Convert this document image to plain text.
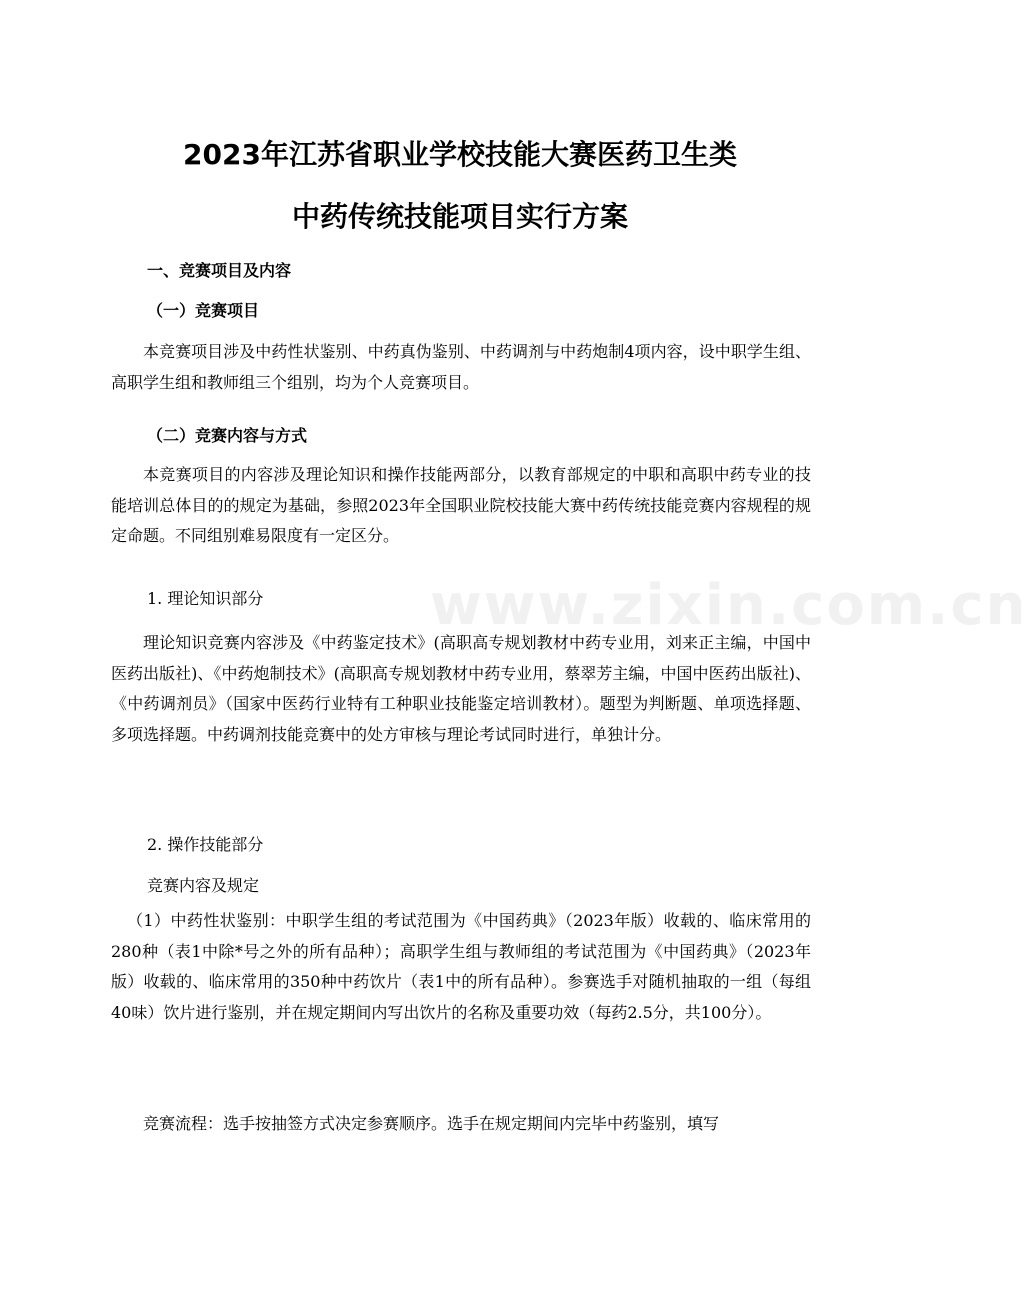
www.zixin.com.cn
2023年江苏省职业学校技能大赛医药卫生类
中药传统技能项目实行方案
一、竞赛项目及内容
（一）竞赛项目
本竞赛项目涉及中药性状鉴别、中药真伪鉴别、中药调剂与中药炮制4项内容，设中职学生组、高职学生组和教师组三个组别，均为个人竞赛项目。
（二）竞赛内容与方式
本竞赛项目的内容涉及理论知识和操作技能两部分，以教育部规定的中职和高职中药专业的技能培训总体目的的规定为基础，参照2023年全国职业院校技能大赛中药传统技能竞赛内容规程的规定命题。不同组别难易限度有一定区分。
1. 理论知识部分
理论知识竞赛内容涉及《中药鉴定技术》(高职高专规划教材中药专业用，刘来正主编，中国中医药出版社)、《中药炮制技术》(高职高专规划教材中药专业用，蔡翠芳主编，中国中医药出版社)、《中药调剂员》（国家中医药行业特有工种职业技能鉴定培训教材）。题型为判断题、单项选择题、多项选择题。中药调剂技能竞赛中的处方审核与理论考试同时进行，单独计分。
2. 操作技能部分
竞赛内容及规定
（1）中药性状鉴别：中职学生组的考试范围为《中国药典》（2023年版）收载的、临床常用的280种（表1中除*号之外的所有品种）；高职学生组与教师组的考试范围为《中国药典》（2023年版）收载的、临床常用的350种中药饮片（表1中的所有品种）。参赛选手对随机抽取的一组（每组40味）饮片进行鉴别，并在规定期间内写出饮片的名称及重要功效（每药2.5分，共100分）。
竞赛流程：选手按抽签方式决定参赛顺序。选手在规定期间内完毕中药鉴别，填写
